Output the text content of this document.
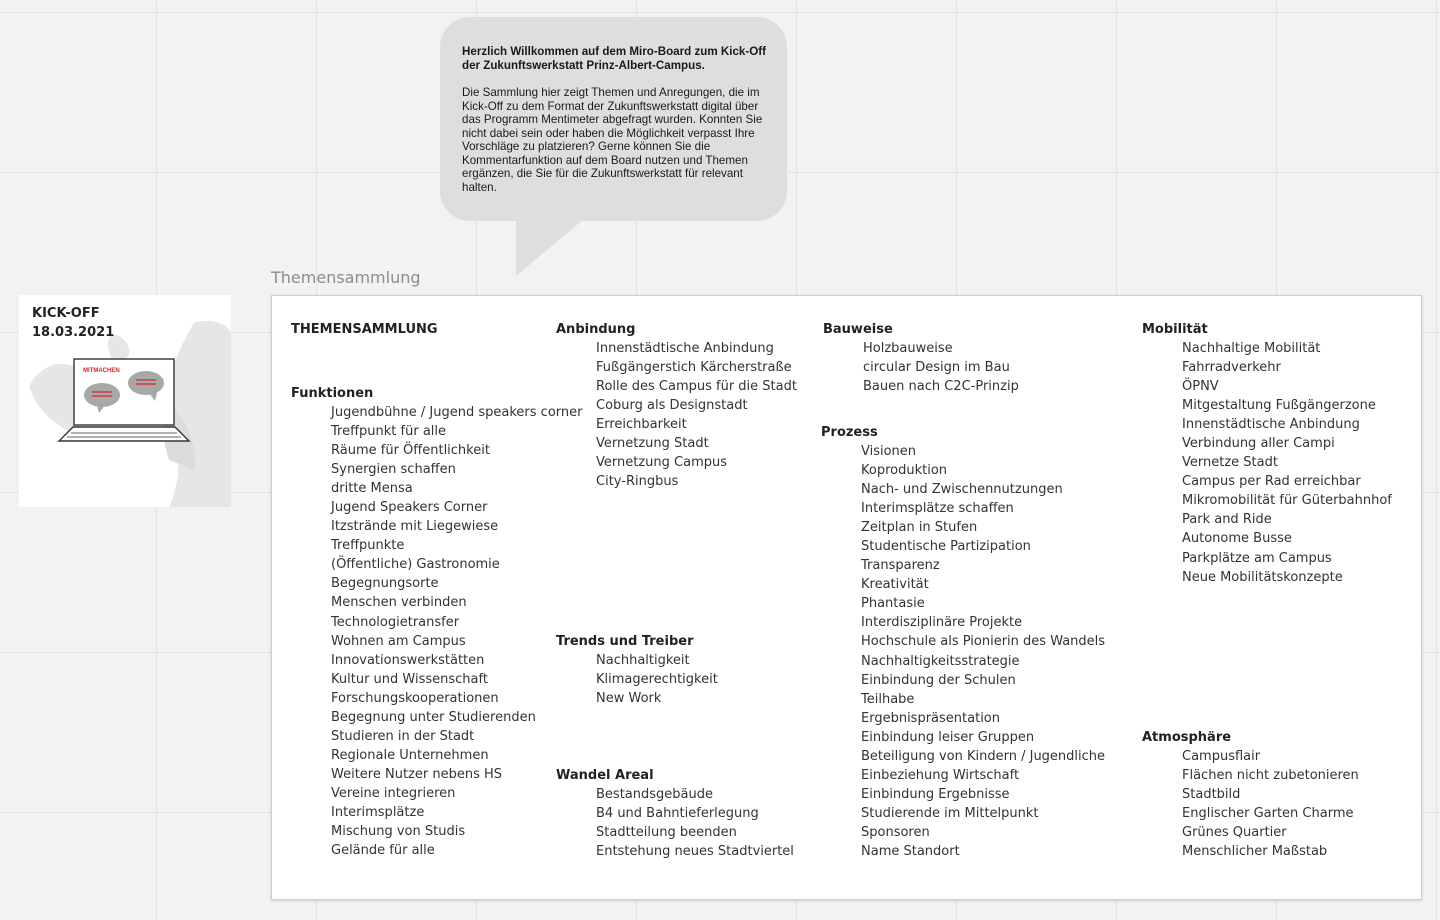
Herzlich Willkommen auf dem Miro-Board zum Kick-Off der Zukunftswerkstatt Prinz-Albert-Campus.

Die Sammlung hier zeigt Themen und Anregungen, die im Kick-Off zu dem Format der Zukunftswerkstatt digital über das Programm Mentimeter abgefragt wurden. Konnten Sie nicht dabei sein oder haben die Möglichkeit verpasst Ihre Vorschläge zu platzieren? Gerne können Sie die Kommentarfunktion auf dem Board nutzen und Themen ergänzen, die Sie für die Zukunftswerkstatt für relevant halten.

Themensammlung
MITMACHEN
KICK-OFF
18.03.2021	THEMENSAMMLUNG
Funktionen
Jugendbühne / Jugend speakers corner
Treffpunkt für alle
Räume für Öffentlichkeit
Synergien schaffen
dritte Mensa
Jugend Speakers Corner
Itzstrände mit Liegewiese
Treffpunkte
(Öffentliche) Gastronomie
Begegnungsorte
Menschen verbinden
Technologietransfer
Wohnen am Campus
Innovationswerkstätten
Kultur und Wissenschaft
Forschungskooperationen
Begegnung unter Studierenden
Studieren in der Stadt
Regionale Unternehmen
Weitere Nutzer nebens HS
Vereine integrieren
Interimsplätze
Mischung von Studis
Gelände für alle
Anbindung
Innenstädtische Anbindung
Fußgängerstich Kärcherstraße
Rolle des Campus für die Stadt
Coburg als Designstadt
Erreichbarkeit
Vernetzung Stadt
Vernetzung Campus
City-Ringbus
Trends und Treiber
Nachhaltigkeit
Klimagerechtigkeit
New Work
Wandel Areal
Bestandsgebäude
B4 und Bahntieferlegung
Stadtteilung beenden
Entstehung neues Stadtviertel
Bauweise
Holzbauweise
circular Design im Bau
Bauen nach C2C-Prinzip
Prozess
Visionen
Koproduktion
Nach- und Zwischennutzungen
Interimsplätze schaffen
Zeitplan in Stufen
Studentische Partizipation
Transparenz
Kreativität
Phantasie
Interdisziplinäre Projekte
Hochschule als Pionierin des Wandels
Nachhaltigkeitsstrategie
Einbindung der Schulen
Teilhabe
Ergebnispräsentation
Einbindung leiser Gruppen
Beteiligung von Kindern / Jugendliche
Einbeziehung Wirtschaft
Einbindung Ergebnisse
Studierende im Mittelpunkt
Sponsoren
Name Standort
Mobilität
Nachhaltige Mobilität
Fahrradverkehr
ÖPNV
Mitgestaltung Fußgängerzone
Innenstädtische Anbindung
Verbindung aller Campi
Vernetze Stadt
Campus per Rad erreichbar
Mikromobilität für Güterbahnhof
Park and Ride
Autonome Busse
Parkplätze am Campus
Neue Mobilitätskonzepte
Atmosphäre
Campusflair
Flächen nicht zubetonieren
Stadtbild
Englischer Garten Charme
Grünes Quartier
Menschlicher Maßstab
